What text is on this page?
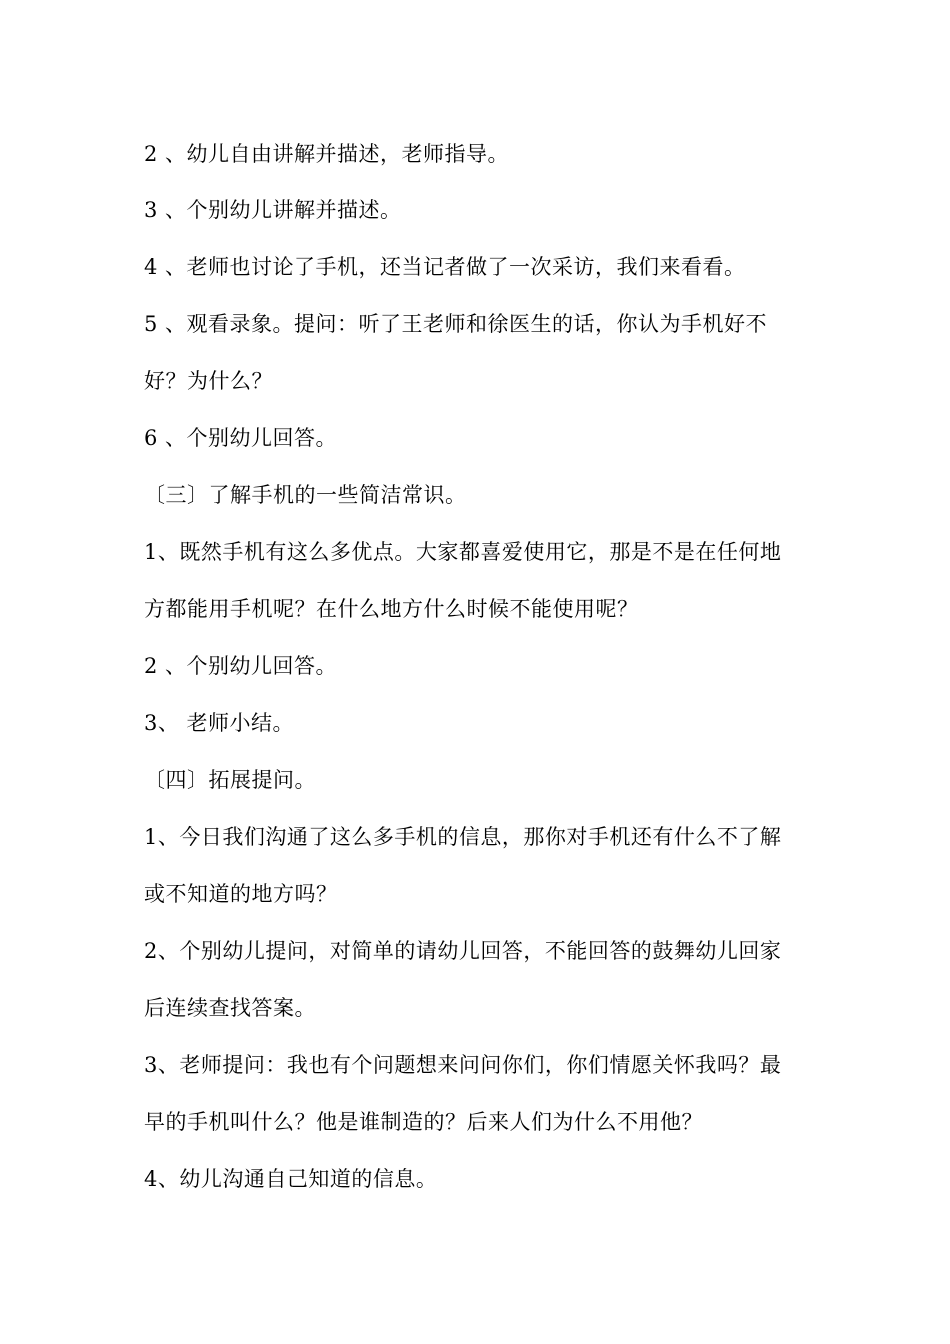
2 、幼儿自由讲解并描述，老师指导。
3 、个别幼儿讲解并描述。
4 、老师也讨论了手机，还当记者做了一次采访，我们来看看。
5 、观看录象。提问：听了王老师和徐医生的话，你认为手机好不
好？为什么？
6 、个别幼儿回答。
〔三〕了解手机的一些简洁常识。
1、既然手机有这么多优点。大家都喜爱使用它，那是不是在任何地
方都能用手机呢？在什么地方什么时候不能使用呢？
2 、个别幼儿回答。
3、 老师小结。
〔四〕拓展提问。
1、今日我们沟通了这么多手机的信息，那你对手机还有什么不了解
或不知道的地方吗？
2、个别幼儿提问，对简单的请幼儿回答，不能回答的鼓舞幼儿回家
后连续查找答案。
3、老师提问：我也有个问题想来问问你们，你们情愿关怀我吗？最
早的手机叫什么？他是谁制造的？后来人们为什么不用他？
4、幼儿沟通自己知道的信息。
